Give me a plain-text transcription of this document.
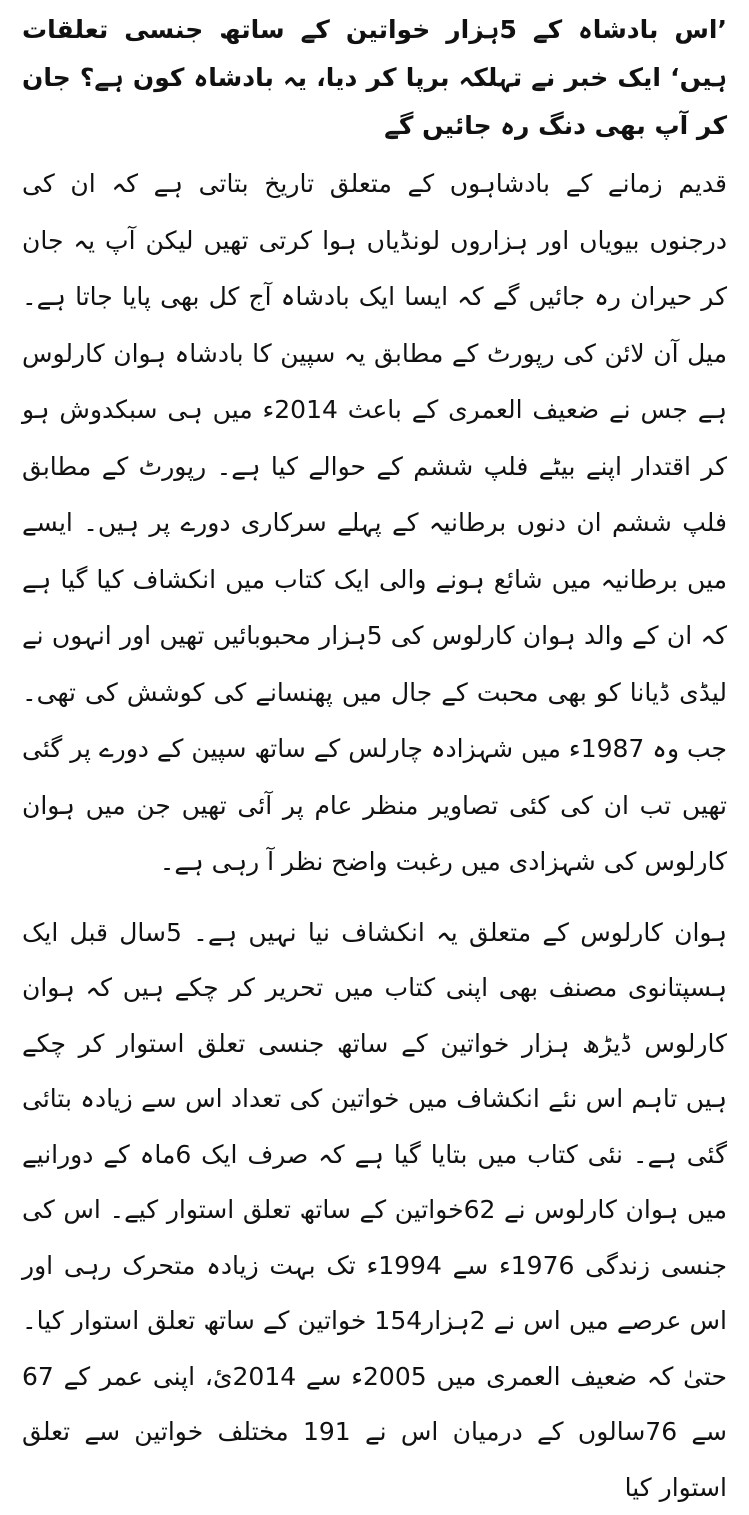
’اس بادشاہ کے 5ہزار خواتین کے ساتھ جنسی تعلقات ہیں‘ ایک خبر نے تہلکہ برپا کر دیا، یہ بادشاہ کون ہے؟ جان کر آپ بھی دنگ رہ جائیں گے

قدیم زمانے کے بادشاہوں کے متعلق تاریخ بتاتی ہے کہ ان کی درجنوں بیویاں اور ہزاروں لونڈیاں ہوا کرتی تھیں لیکن آپ یہ جان کر حیران رہ جائیں گے کہ ایسا ایک بادشاہ آج کل بھی پایا جاتا ہے۔ میل آن لائن کی رپورٹ کے مطابق یہ سپین کا بادشاہ ہوان کارلوس ہے جس نے ضعیف العمری کے باعث 2014ء میں ہی سبکدوش ہو کر اقتدار اپنے بیٹے فلپ ششم کے حوالے کیا ہے۔ رپورٹ کے مطابق فلپ ششم ان دنوں برطانیہ کے پہلے سرکاری دورے پر ہیں۔ ایسے میں برطانیہ میں شائع ہونے والی ایک کتاب میں انکشاف کیا گیا ہے کہ ان کے والد ہوان کارلوس کی 5ہزار محبوبائیں تھیں اور انہوں نے لیڈی ڈیانا کو بھی محبت کے جال میں پھنسانے کی کوشش کی تھی۔ جب وہ 1987ء میں شہزادہ چارلس کے ساتھ سپین کے دورے پر گئی تھیں تب ان کی کئی تصاویر منظر عام پر آئی تھیں جن میں ہوان کارلوس کی شہزادی میں رغبت واضح نظر آ رہی ہے۔

ہوان کارلوس کے متعلق یہ انکشاف نیا نہیں ہے۔ 5سال قبل ایک ہسپتانوی مصنف بھی اپنی کتاب میں تحریر کر چکے ہیں کہ ہوان کارلوس ڈیڑھ ہزار خواتین کے ساتھ جنسی تعلق استوار کر چکے ہیں تاہم اس نئے انکشاف میں خواتین کی تعداد اس سے زیادہ بتائی گئی ہے۔ نئی کتاب میں بتایا گیا ہے کہ صرف ایک 6ماہ کے دورانیے میں ہوان کارلوس نے 62خواتین کے ساتھ تعلق استوار کیے۔ اس کی جنسی زندگی 1976ء سے 1994ء تک بہت زیادہ متحرک رہی اور اس عرصے میں اس نے 2ہزار154 خواتین کے ساتھ تعلق استوار کیا۔ حتیٰ کہ ضعیف العمری میں 2005ء سے 2014ئ، اپنی عمر کے 67 سے 76سالوں کے درمیان اس نے 191 مختلف خواتین سے تعلق استوار کیا
